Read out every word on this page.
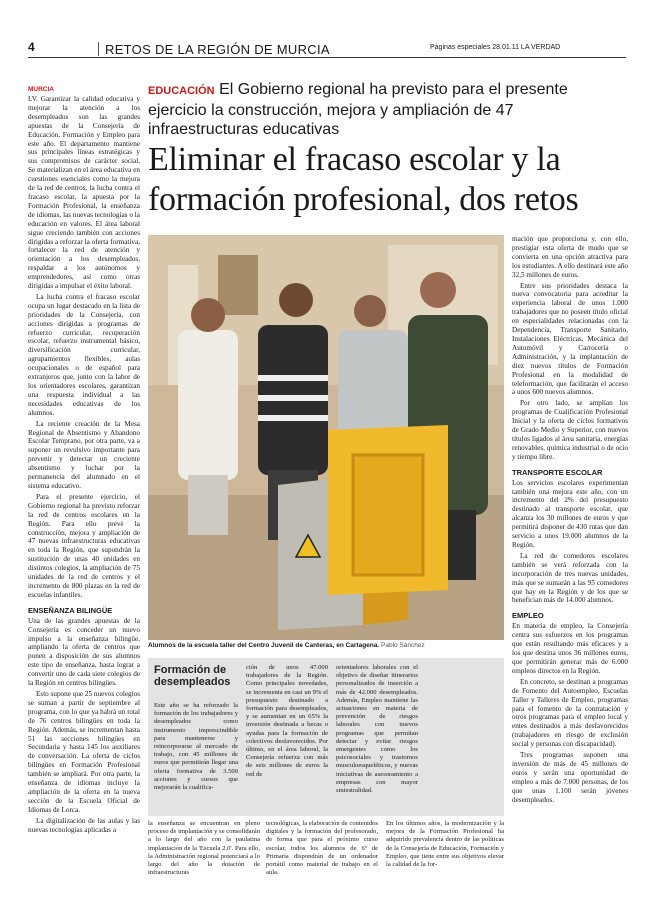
4	RETOS DE LA REGIÓN DE MURCIA	Páginas especiales 28.01.11 LA VERDAD
EDUCACIÓN El Gobierno regional ha previsto para el presente ejercicio la construcción, mejora y ampliación de 47 infraestructuras educativas
Eliminar el fracaso escolar y la formación profesional, dos retos
MURCIA

LV. Garantizar la calidad educativa y mejorar la atención a los desempleados son las grandes apuestas de la Consejería de Educación, Formación y Empleo para este año. El departamento mantiene sus principales líneas estratégicas y sus compromisos de carácter social. Se materializan en el área educativa en cuestiones esenciales como la mejora de la red de centros, la lucha contra el fracaso escolar, la apuesta por la Formación Profesional, la enseñanza de idiomas, las nuevas tecnologías o la educación en valores. El área laboral sigue creciendo también con acciones dirigidas a reforzar la oferta formativa, fortalecer la red de atención y orientación a los desempleados, respaldar a los autónomos y emprendedores, así como otras dirigidas a impulsar el éxito laboral.

La lucha contra el fracaso escolar ocupa un lugar destacado en la lista de prioridades de la Consejería, con acciones dirigidas a programas de refuerzo curricular, recuperación escolar, refuerzo instrumental básico, diversificación curricular, agrupamientos flexibles, aulas ocupacionales o de español para extranjeros que, junto con la labor de los orientadores escolares, garantizan una respuesta individual a las necesidades educativas de los alumnos.

La reciente creación de la Mesa Regional de Absentismo y Abandono Escolar Temprano, por otra parte, va a suponer un revulsivo importante para prevenir y detectar un creciente absentismo y luchar por la permanencia del alumnado en el sistema educativo.

Para el presente ejercicio, el Gobierno regional ha previsto reforzar la red de centros escolares en la Región. Para ello prevé la construcción, mejora y ampliación de 47 nuevas infraestructuras educativas en toda la Región, que supondrán la sustitución de unas 40 unidades en distintos colegios, la ampliación de 75 unidades de la red de centros y el incremento de 800 plazas en la red de escuelas infantiles.

ENSEÑANZA BILINGÜE

Una de las grandes apuestas de la Consejería es conceder un nuevo impulso a la enseñanza bilingüe, ampliando la oferta de centros que ponen a disposición de sus alumnos este tipo de enseñanza, hasta lograr a convertir uno de cada siete colegios de la Región en centros bilingües.

Esto supone que 25 nuevos colegios se suman a partir de septiembre al programa, con lo que ya habrá un total de 76 centros bilingües en toda la Región. Además, se incrementan hasta 51 las secciones bilingües en Secundaria y hasta 145 los auxiliares de conversación. La oferta de ciclos bilingües en Formación Profesional también se ampliará. Por otra parte, la enseñanza de idiomas incluye la ampliación de la oferta en la nueva sección de la Escuela Oficial de Idiomas de Lorca.

La digitalización de las aulas y las nuevas tecnologías aplicadas a

Alumnos de la escuela taller del Centro Juvenil de Canteras, en Cartagena. Pablo Sánchez

mación que proporciona y, con ello, prestigiar esta oferta de modo que se convierta en una opción atractiva para los estudiantes. A ello destinará este año 32,5 millones de euros.

Entre sus prioridades destaca la nueva convocatoria para acreditar la experiencia laboral de unos 1.000 trabajadores que no poseen título oficial en especialidades relacionadas con la Dependencia, Transporte Sanitario, Instalaciones Eléctricas, Mecánica del Automóvil y Carrocería o Administración, y la implantación de diez nuevos títulos de Formación Profesional en la modalidad de teleformación, que facilitarán el acceso a unos 600 nuevos alumnos.

Por otro lado, se amplían los programas de Cualificación Profesional Inicial y la oferta de ciclos formativos de Grado Medio y Superior, con nuevos títulos ligados al área sanitaria, energías renovables, química industrial o de ocio y tiempo libre.

TRANSPORTE ESCOLAR

Los servicios escolares experimentan también una mejora este año, con un incremento del 2% del presupuesto destinado al transporte escolar, que alcanza los 30 millones de euros y que permitirá disponer de 430 rutas que dan servicio a unos 19.000 alumnos de la Región.

La red de comedores escolares también se verá reforzada con la incorporación de tres nuevas unidades, más que se sumarán a las 95 comedores que hay en la Región y de los que se benefician más de 14.000 alumnos.

EMPLEO

En materia de empleo, la Consejería centra sus esfuerzos en los programas que están resultando más eficaces y a los que destina unos 36 millones euros, que permitirán generar más de 6.000 empleos directos en la Región.

En concreto, se destinan a programas de Fomento del Autoempleo, Escuelas Taller y Talleres de Empleo, programas para el fomento de la contratación y otros programas para el empleo local y entes destinados a más desfavorecidos (trabajadores en riesgo de exclusión social y personas con discapacidad).

Tres programas suponen una inversión de más de 45 millones de euros y serán una oportunidad de empleo a más de 7.000 personas, de los que unas 1.100 serán jóvenes desempleados.

Formación de desempleados
Este año se ha reforzado la formación de los trabajadores y desempleados como instrumento imprescindible para mantenerse y reincorporarse al mercado de trabajo, con 45 millones de euros que permitirán llegar una oferta formativa de 3.500 acciones y cursos que mejorarán la cualifica-
ción de unos 47.000 trabajadores de la Región. Como principales novedades, se incrementa en casi un 9% el presupuesto destinado a formación para desempleados, y se aumentan en un 65% la inversión destinada a becas o ayudas para la formación de colectivos desfavorecidos. Por último, en el área laboral, la Consejería refuerza con más de seis millones de euros la red de
orientadores laborales con el objetivo de diseñar itinerarios personalizados de inserción a más de 42.000 desempleados. Además, Empleo mantiene las actuaciones en materia de prevención de riesgos laborales con nuevos programas que permitan detectar y evitar riesgos emergentes como los psicosociales y trastornos musculoesqueléticos, y nuevas iniciativas de asesoramiento a empresas con mayor siniestralidad.
la enseñanza se encuentran en pleno proceso de implantación y se consolidarán a lo largo del año con la paulatina implantación de la 'Escuela 2.0'. Para ello, la Administración regional potenciará a lo largo del año la dotación de infraestructuras
tecnológicas, la elaboración de contenidos digitales y la formación del profesorado, de forma que para el próximo curso escolar, todos los alumnos de 6º de Primaria dispondrán de un ordenador portátil como material de trabajo en el aula.
En los últimos años, la modernización y la mejora de la Formación Profesional ha adquirido prevalencia dentro de las políticas de la Consejería de Educación, Formación y Empleo, que tiene entre sus objetivos elevar la calidad de la for-
